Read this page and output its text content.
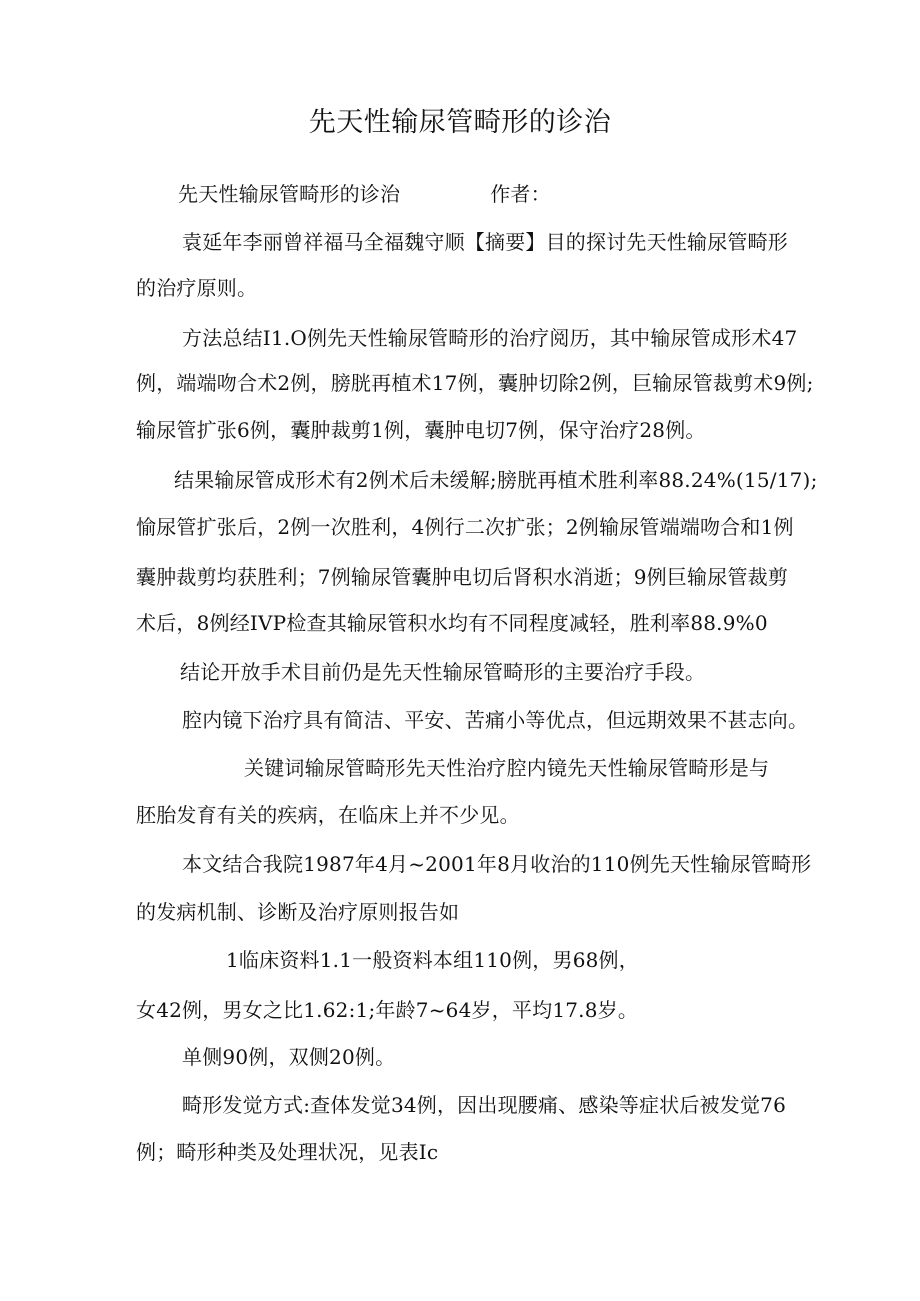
先天性输尿管畸形的诊治
先天性输尿管畸形的诊治	作者：
袁延年李丽曾祥福马全福魏守顺【摘要】目的探讨先天性输尿管畸形
的治疗原则。
方法总结I1.O例先天性输尿管畸形的治疗阅历，其中输尿管成形术47
例，端端吻合术2例，膀胱再植术17例，囊肿切除2例，巨输尿管裁剪术9例;
输尿管扩张6例，囊肿裁剪1例，囊肿电切7例，保守治疗28例。
结果输尿管成形术有2例术后未缓解;膀胱再植术胜利率88.24%(15/17);
愉尿管扩张后，2例一次胜利，4例行二次扩张；2例输尿管端端吻合和1例
囊肿裁剪均获胜利；7例输尿管囊肿电切后肾积水消逝；9例巨输尿管裁剪
术后，8例经IVP检查其输尿管积水均有不同程度减轻，胜利率88.9%0
结论开放手术目前仍是先天性输尿管畸形的主要治疗手段。
腔内镜下治疗具有简洁、平安、苦痛小等优点，但远期效果不甚志向。
关键词输尿管畸形先天性治疗腔内镜先天性输尿管畸形是与
胚胎发育有关的疾病，在临床上并不少见。
本文结合我院1987年4月~2001年8月收治的110例先天性输尿管畸形
的发病机制、诊断及治疗原则报告如
1临床资料1.1一般资料本组110例，男68例，
女42例，男女之比1.62:1;年龄7~64岁，平均17.8岁。
单侧90例，双侧20例。
畸形发觉方式:查体发觉34例，因出现腰痛、感染等症状后被发觉76
例；畸形种类及处理状况，见表Ic
